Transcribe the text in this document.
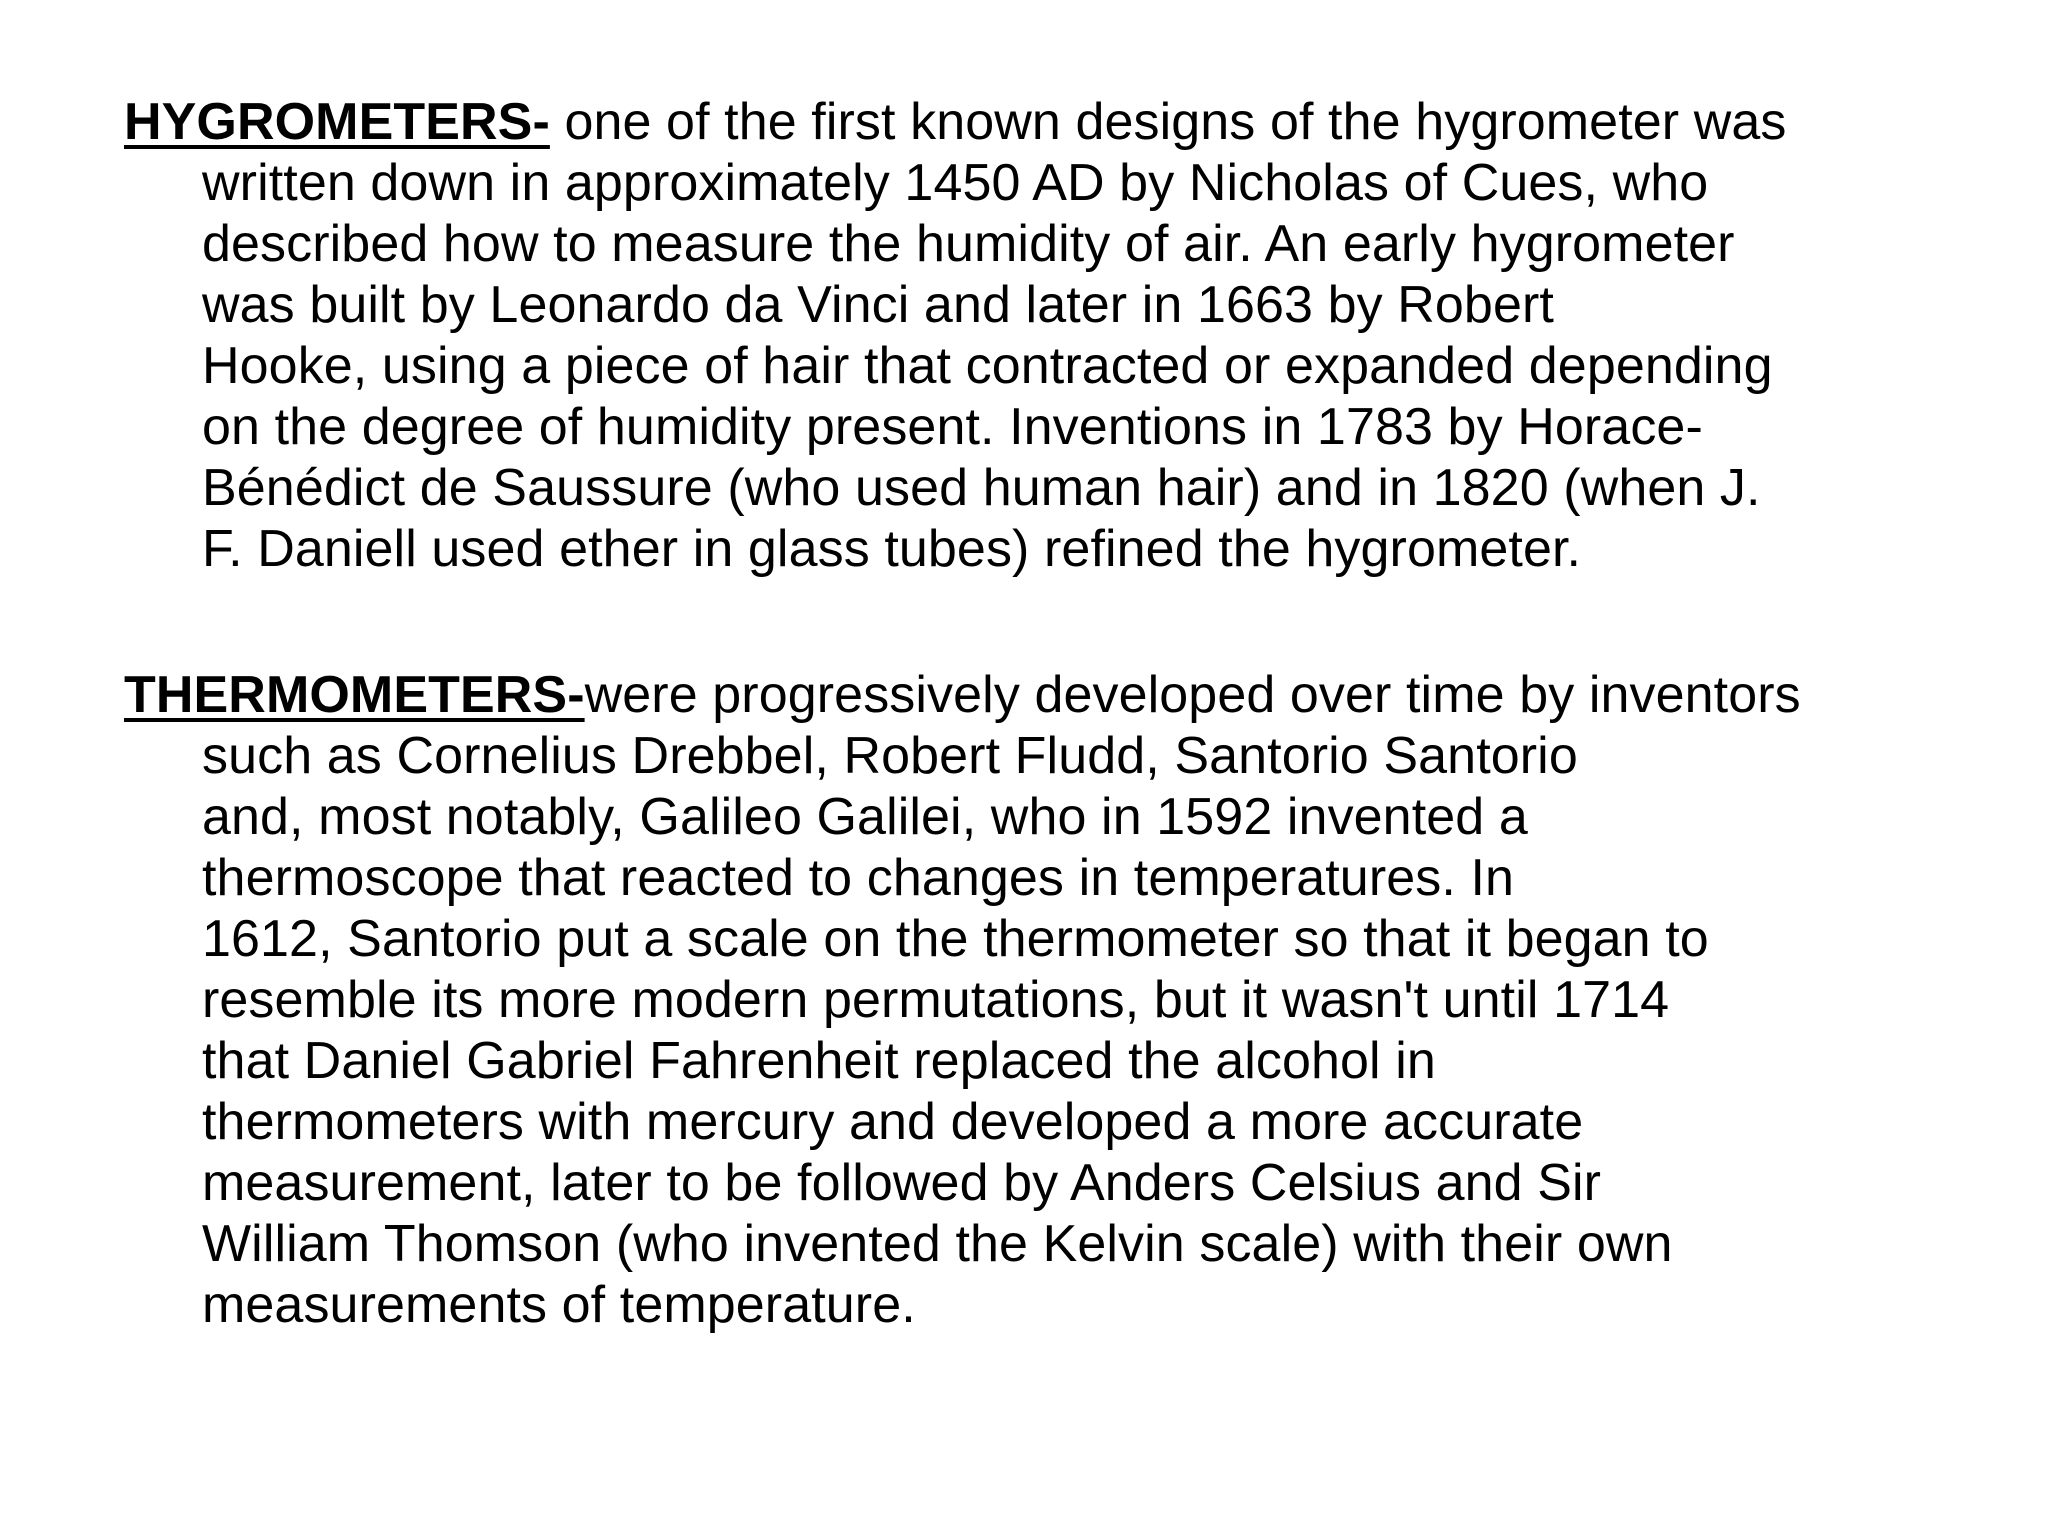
HYGROMETERS- one of the first known designs of the hygrometer was
written down in approximately 1450 AD by Nicholas of Cues, who
described how to measure the humidity of air. An early hygrometer
was built by Leonardo da Vinci and later in 1663 by Robert
Hooke, using a piece of hair that contracted or expanded depending
on the degree of humidity present. Inventions in 1783 by Horace-
Bénédict de Saussure (who used human hair) and in 1820 (when J.
F. Daniell used ether in glass tubes) refined the hygrometer.
THERMOMETERS-were progressively developed over time by inventors
such as Cornelius Drebbel, Robert Fludd, Santorio Santorio
and, most notably, Galileo Galilei, who in 1592 invented a
thermoscope that reacted to changes in temperatures. In
1612, Santorio put a scale on the thermometer so that it began to
resemble its more modern permutations, but it wasn't until 1714
that Daniel Gabriel Fahrenheit replaced the alcohol in
thermometers with mercury and developed a more accurate
measurement, later to be followed by Anders Celsius and Sir
William Thomson (who invented the Kelvin scale) with their own
measurements of temperature.
